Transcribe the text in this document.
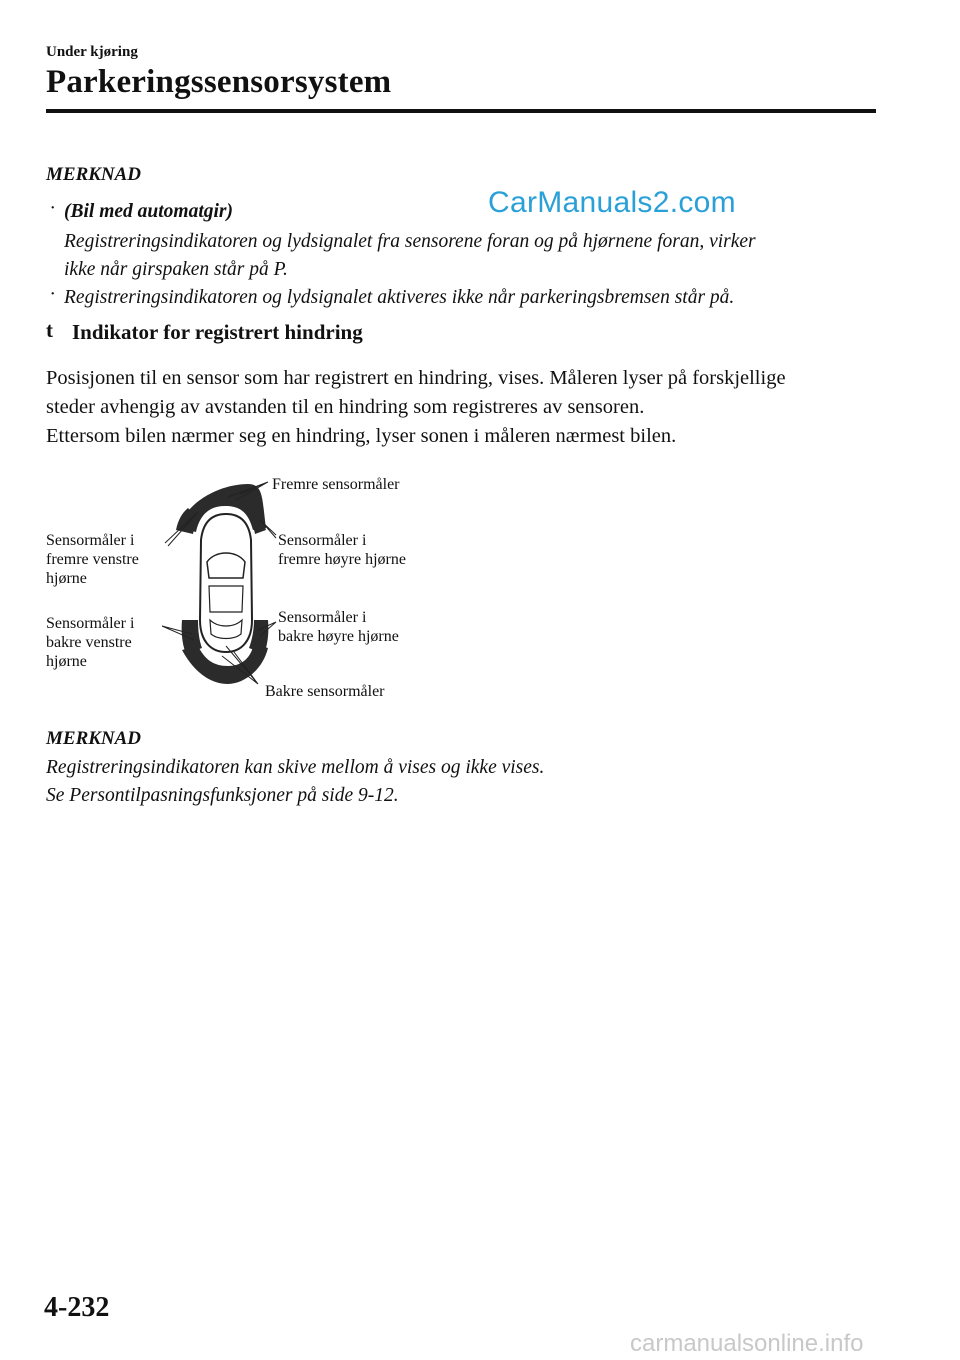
Under kjøring
Parkeringssensorsystem
CarManuals2.com
MERKNAD
· (Bil med automatgir)
Registreringsindikatoren og lydsignalet fra sensorene foran og på hjørnene foran, virker
ikke når girspaken står på P.
· Registreringsindikatoren og lydsignalet aktiveres ikke når parkeringsbremsen står på.
t Indikator for registrert hindring

Posisjonen til en sensor som har registrert en hindring, vises. Måleren lyser på forskjellige

steder avhengig av avstanden til en hindring som registreres av sensoren.

Ettersom bilen nærmer seg en hindring, lyser sonen i måleren nærmest bilen.

Fremre sensormåler
Sensormåler i
fremre venstre
hjørne
Sensormåler i
fremre høyre hjørne
Sensormåler i
bakre venstre
hjørne
Sensormåler i
bakre høyre hjørne
Bakre sensormåler
MERKNAD
Registreringsindikatoren kan skive mellom å vises og ikke vises.
Se Persontilpasningsfunksjoner på side 9-12.
4-232
carmanualsonline.info
